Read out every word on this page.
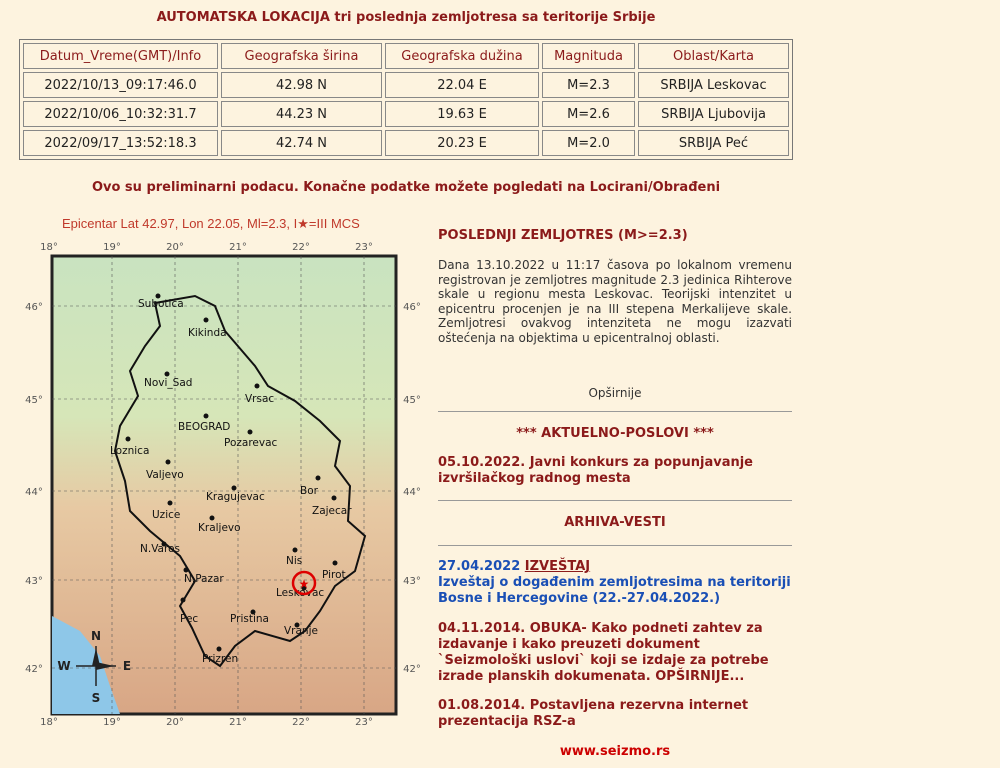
AUTOMATSKA LOKACIJA tri poslednja zemljotresa sa teritorije Srbije
Datum_Vreme(GMT)/Info	Geografska širina	Geografska dužina	Magnituda	Oblast/Karta
2022/10/13_09:17:46.0	42.98 N	22.04 E	M=2.3	SRBIJA Leskovac
2022/10/06_10:32:31.7	44.23 N	19.63 E	M=2.6	SRBIJA Ljubovija
2022/09/17_13:52:18.3	42.74 N	20.23 E	M=2.0	SRBIJA Peć
Ovo su preliminarni podacu. Konačne podatke možete pogledati na Locirani/Obrađeni
Epicentar Lat 42.97, Lon 22.05, Ml=2.3, I★=III MCS
18°
18°
19°
19°
20°
20°
21°
21°
22°
22°
23°
23°
46°	46°
45°	45°
44°	44°
43°	43°
42°	42°
Subotica
Kikinda
Novi_Sad
Vrsac
BEOGRAD
Pozarevac
Loznica
Valjevo
Bor
Kragujevac
Zajecar
Uzice
Kraljevo
N.Varos
Nis
Pirot
N.Pazar
Leskovac
Pec	Pristina
Vranje
Prizren
★
N
S
W	E
POSLEDNJI ZEMLJOTRES (M>=2.3)
Dana 13.10.2022 u 11:17 časova po lokalnom vremenu registrovan je zemljotres magnitude 2.3 jedinica Rihterove skale u regionu mesta Leskovac. Teorijski intenzitet u epicentru procenjen je na III stepena Merkalijeve skale. Zemljotresi ovakvog intenziteta ne mogu izazvati oštećenja na objektima u epicentralnoj oblasti.
Opširnije
*** AKTUELNO-POSLOVI ***
05.10.2022. Javni konkurs za popunjavanje izvršilačkog radnog mesta
ARHIVA-VESTI
27.04.2022 IZVEŠTAJ
Izveštaj o događenim zemljotresima na teritoriji Bosne i Hercegovine (22.-27.04.2022.)
04.11.2014. OBUKA- Kako podneti zahtev za izdavanje i kako preuzeti dokument `Seizmološki uslovi` koji se izdaje za potrebe izrade planskih dokumenata. OPŠIRNIJE...
01.08.2014. Postavljena rezervna internet prezentacija RSZ-a
www.seizmo.rs
